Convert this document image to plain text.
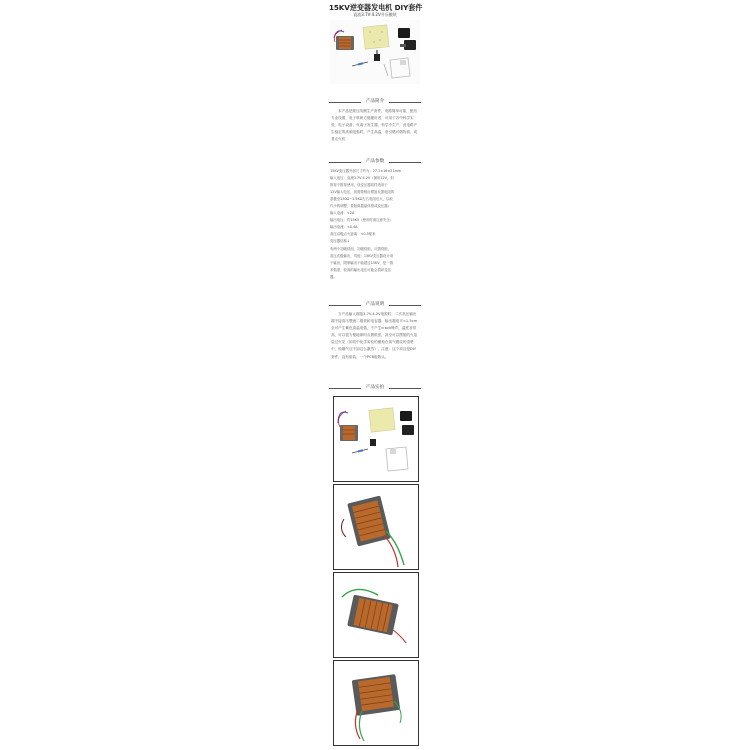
15KV逆变器发电机 DIY套件
直流3.7V-4.2V升压模块
产品简介
本产品是继压线圈生产套件，电路简单可靠，配有专业线图，电子科研方便趣好者，可用于各中科学实验，电子设备，负离子发生器，科学小生产，此电路产生稳定的高频电弧时，产生高温，垂引燃可燃物质，或者点火机
产品参数
15KV变压器外部尺寸约为：27.1×16×21mm
输入电压：直流3.7V-4.2V（最用12V，但
推荐不推荐使用，设变压器同样适用于
12V输入电压，但需要相应增加反馈电阻的
基极至150Ω~1.5KΩ左右电阻后大，以取
代小的调整，要阻碍摇晶体管或变压器）
输入电流：<2A
输出电压：约15KV（使用时请注意安全）
输出电流：<0.4A
高压双极点火距离：<0.5厘米
变压器结构↓
有两个初级绕组，初级绕组，反馈绕组，
高压次级输出，具他：15KV变压器设计用
于输出，限制输出不能超过15KV，是一推
米弧度，较高的输出电压可能会损坏变压
器。
产品说明
当产品输入端接3.7V-4.2V电源时，二次高压输出端不接高压整流二极管和电容器，输出端电平<1.5cm全可产生紫色高温电弧，不产生crack噪声，温度非常高，可以很方便地即时点燃纸张，甚至可以摆脱的火焰烧过火花（如初中化学实验的蜡烛在氧气燃烧的清楚中，惊爆气还不如这么激烈），注意：这个项目是DIY套件，没有组装，一个PCB板散认。
产品实拍
